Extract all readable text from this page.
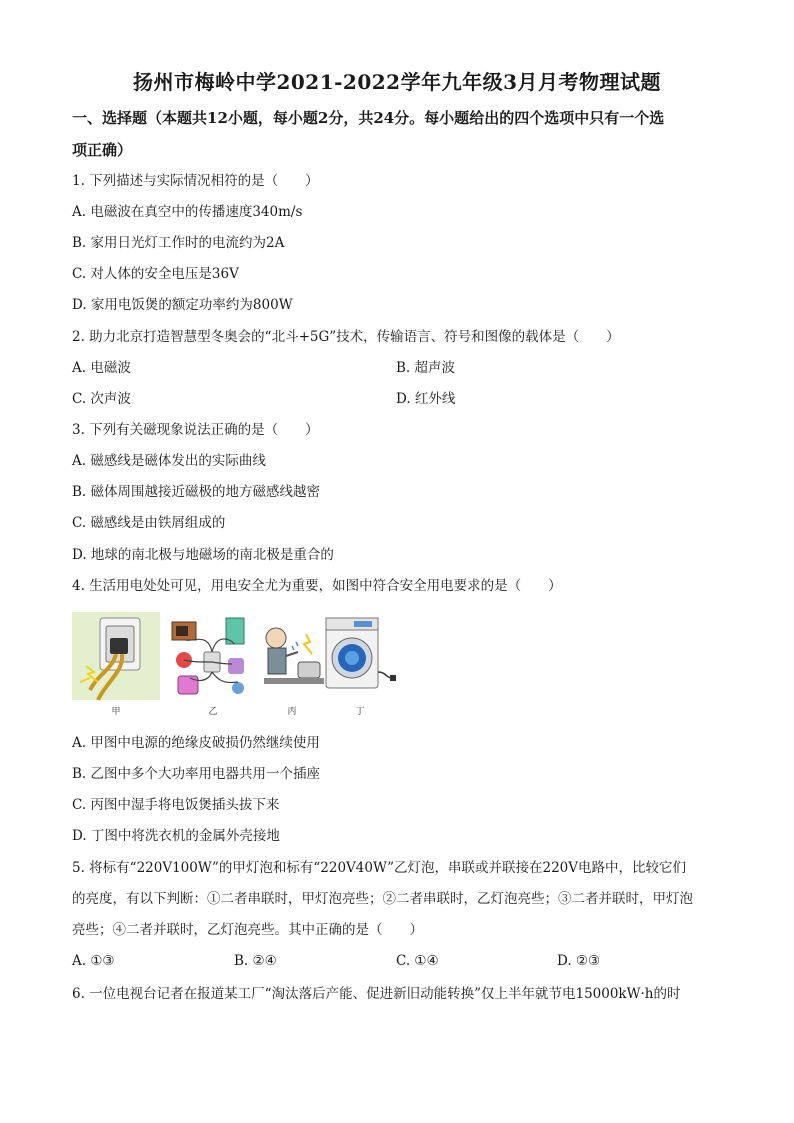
扬州市梅岭中学2021-2022学年九年级3月月考物理试题
一、选择题（本题共12小题，每小题2分，共24分。每小题给出的四个选项中只有一个选
项正确）
1. 下列描述与实际情况相符的是（　　）
A. 电磁波在真空中的传播速度340m/s
B. 家用日光灯工作时的电流约为2A
C. 对人体的安全电压是36V
D. 家用电饭煲的额定功率约为800W
2. 助力北京打造智慧型冬奥会的“北斗+5G”技术，传输语言、符号和图像的载体是（　　）
A. 电磁波	B. 超声波
C. 次声波	D. 红外线
3. 下列有关磁现象说法正确的是（　　）
A. 磁感线是磁体发出的实际曲线
B. 磁体周围越接近磁极的地方磁感线越密
C. 磁感线是由铁屑组成的
D. 地球的南北极与地磁场的南北极是重合的
4. 生活用电处处可见，用电安全尤为重要，如图中符合安全用电要求的是（　　）
甲	乙	丙	丁
A. 甲图中电源的绝缘皮破损仍然继续使用
B. 乙图中多个大功率用电器共用一个插座
C. 丙图中湿手将电饭煲插头拔下来
D. 丁图中将洗衣机的金属外壳接地
5. 将标有“220V100W”的甲灯泡和标有“220V40W”乙灯泡，串联或并联接在220V电路中，比较它们
的亮度，有以下判断：①二者串联时，甲灯泡亮些；②二者串联时，乙灯泡亮些；③二者并联时，甲灯泡
亮些；④二者并联时，乙灯泡亮些。其中正确的是（　　）
A. ①③	B. ②④	C. ①④	D. ②③
6. 一位电视台记者在报道某工厂“淘汰落后产能、促进新旧动能转换”仅上半年就节电15000kW·h的时
